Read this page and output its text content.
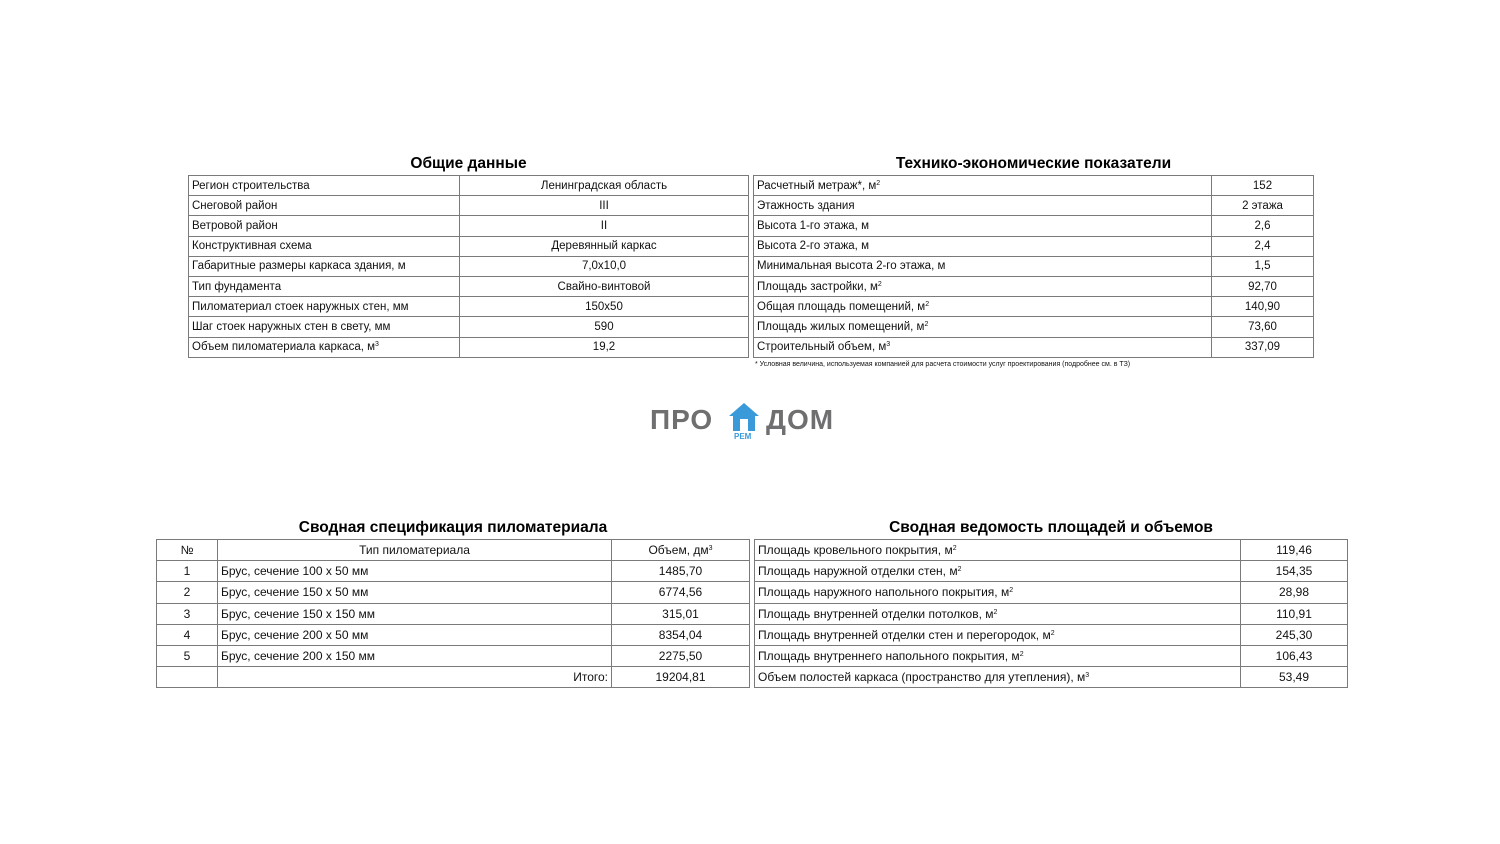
Общие данные
Регион строительства	Ленинградская область
Снеговой район	III
Ветровой район	II
Конструктивная схема	Деревянный каркас
Габаритные размеры каркаса здания, м	7,0x10,0
Тип фундамента	Свайно-винтовой
Пиломатериал стоек наружных стен, мм	150x50
Шаг стоек наружных стен в свету, мм	590
Объем пиломатериала каркаса, $м^3$	19,2
Технико-экономические показатели
Расчетный метраж*, $м^2$	152
Этажность здания	2 этажа
Высота 1-го этажа, м	2,6
Высота 2-го этажа, м	2,4
Минимальная высота 2-го этажа, м	1,5
Площадь застройки, $м^2$	92,70
Общая площадь помещений, $м^2$	140,90
Площадь жилых помещений, $м^2$	73,60
Строительный объем, $м^3$	337,09
* Условная величина, используемая компанией для расчета стоимости услуг проектирования (подробнее см. в ТЗ)
ПРО
РЕМ
ДОМ
Сводная спецификация пиломатериала
№	Тип пиломатериала	Объем, $дм^3$
1	Брус, сечение 100 х 50 мм	1485,70
2	Брус, сечение 150 х 50 мм	6774,56
3	Брус, сечение 150 х 150 мм	315,01
4	Брус, сечение 200 х 50 мм	8354,04
5	Брус, сечение 200 х 150 мм	2275,50
	Итого:	19204,81
Сводная ведомость площадей и объемов
Площадь кровельного покрытия, $м^2$	119,46
Площадь наружной отделки стен, $м^2$	154,35
Площадь наружного напольного покрытия, $м^2$	28,98
Площадь внутренней отделки потолков, $м^2$	110,91
Площадь внутренней отделки стен и перегородок, $м^2$	245,30
Площадь внутреннего напольного покрытия, $м^2$	106,43
Объем полостей каркаса (пространство для утепления), $м^3$	53,49
